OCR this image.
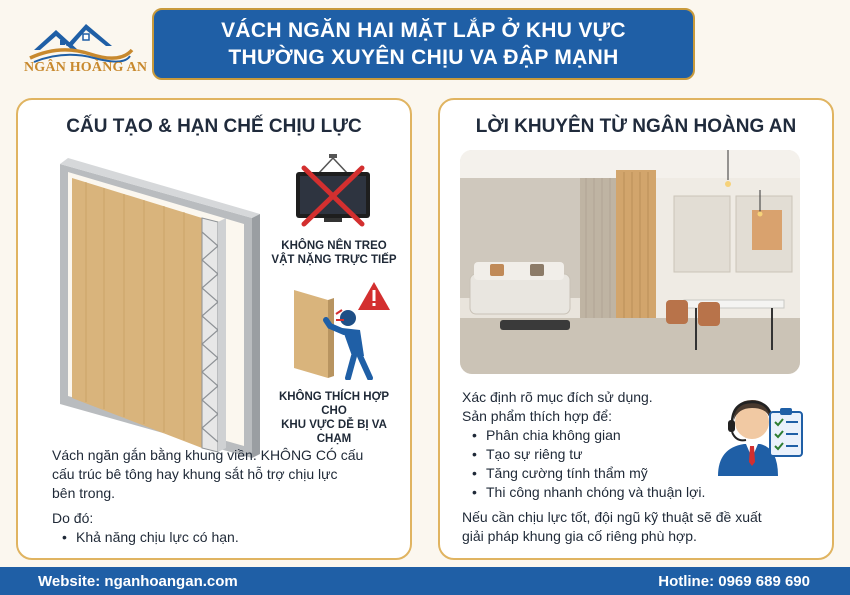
NGÂN HOÀNG AN
VÁCH NGĂN HAI MẶT LẮP Ở KHU VỰC
THƯỜNG XUYÊN CHỊU VA ĐẬP MẠNH
CẤU TẠO & HẠN CHẾ CHỊU LỰC
KHÔNG NÊN TREO
VẬT NẶNG TRỰC TIẾP
KHÔNG THÍCH HỢP CHO
KHU VỰC DỄ BỊ VA CHẠM

Vách ngăn gắn bằng khung viền. KHÔNG CÓ cấu
cấu trúc bê tông hay khung sắt hỗ trợ chịu lực
bên trong.

Do đó:
• Khả năng chịu lực có hạn.
LỜI KHUYÊN TỪ NGÂN HOÀNG AN
Xác định rõ mục đích sử dụng.
Sản phẩm thích hợp để:
• Phân chia không gian
• Tạo sự riêng tư
• Tăng cường tính thẩm mỹ
• Thi công nhanh chóng và thuận lợi.
Nếu cần chịu lực tốt, đội ngũ kỹ thuật sẽ đề xuất
giải pháp khung gia cố riêng phù hợp.
Website: nganhoangan.com	Hotline: 0969 689 690
